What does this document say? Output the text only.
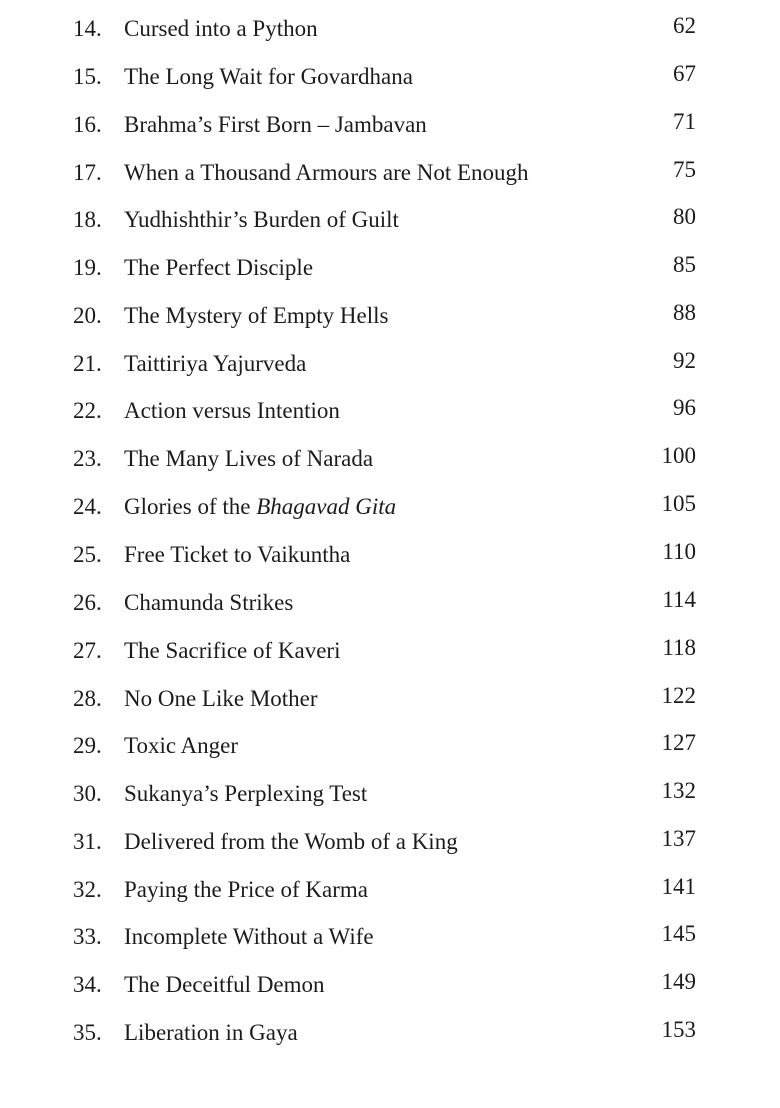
14. Cursed into a Python	62
15. The Long Wait for Govardhana	67
16. Brahma’s First Born – Jambavan	71
17. When a Thousand Armours are Not Enough	75
18. Yudhishthir’s Burden of Guilt	80
19. The Perfect Disciple	85
20. The Mystery of Empty Hells	88
21. Taittiriya Yajurveda	92
22. Action versus Intention	96
23. The Many Lives of Narada	100
24. Glories of the Bhagavad Gita	105
25. Free Ticket to Vaikuntha	110
26. Chamunda Strikes	114
27. The Sacrifice of Kaveri	118
28. No One Like Mother	122
29. Toxic Anger	127
30. Sukanya’s Perplexing Test	132
31. Delivered from the Womb of a King	137
32. Paying the Price of Karma	141
33. Incomplete Without a Wife	145
34. The Deceitful Demon	149
35. Liberation in Gaya	153
